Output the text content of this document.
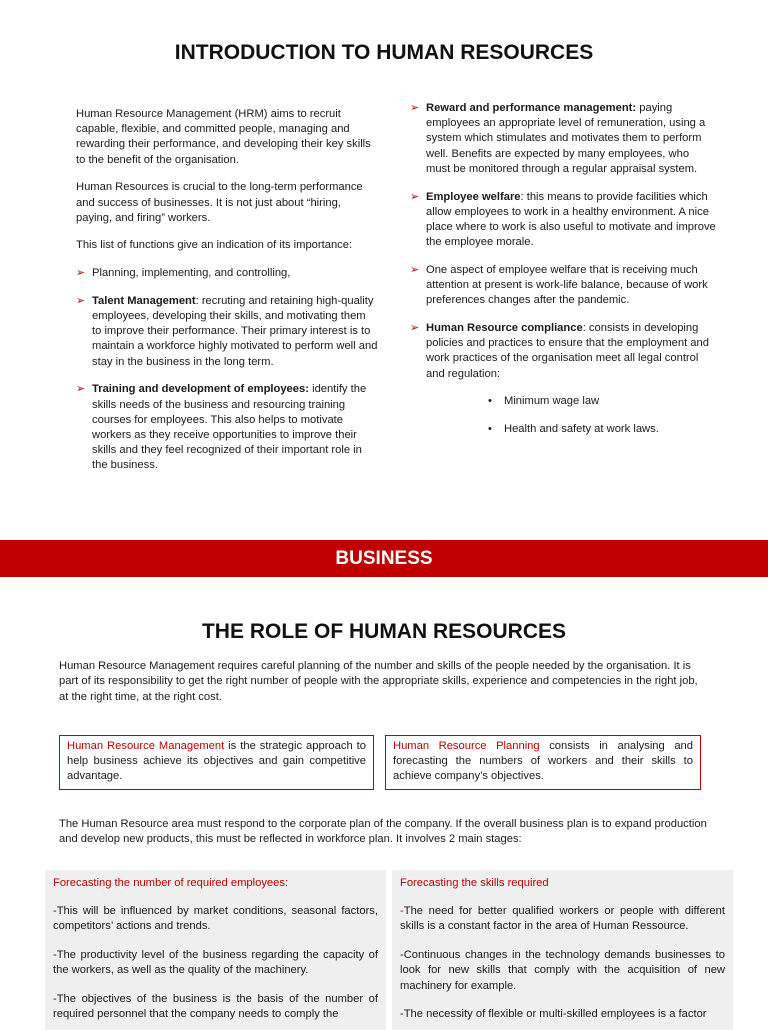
INTRODUCTION TO HUMAN RESOURCES

Human Resource Management (HRM) aims to recruit capable, flexible, and committed people, managing and rewarding their performance, and developing their key skills to the benefit of the organisation.

Human Resources is crucial to the long-term performance and success of businesses. It is not just about “hiring, paying, and firing” workers.

This list of functions give an indication of its importance:

➢ Planning, implementing, and controlling,
➢ Talent Management: recruting and retaining high-quality employees, developing their skills, and motivating them to improve their performance. Their primary interest is to maintain a workforce highly motivated to perform well and stay in the business in the long term.
➢ Training and development of employees: identify the skills needs of the business and resourcing training courses for employees. This also helps to motivate workers as they receive opportunities to improve their skills and they feel recognized of their important role in the business.
➢ Reward and performance management: paying employees an appropriate level of remuneration, using a system which stimulates and motivates them to perform well. Benefits are expected by many employees, who must be monitored through a regular appraisal system.
➢ Employee welfare: this means to provide facilities which allow employees to work in a healthy environment. A nice place where to work is also useful to motivate and improve the employee morale.
➢ One aspect of employee welfare that is receiving much attention at present is work-life balance, because of work preferences changes after the pandemic.
➢ Human Resource compliance: consists in developing policies and practices to ensure that the employment and work practices of the organisation meet all legal control and regulation:
• Minimum wage law
• Health and safety at work laws.
BUSINESS
THE ROLE OF HUMAN RESOURCES

Human Resource Management requires careful planning of the number and skills of the people needed by the organisation. It is part of its responsibility to get the right number of people with the appropriate skills, experience and competencies in the right job, at the right time, at the right cost.

Human Resource Management is the strategic approach to help business achieve its objectives and gain competitive advantage.
Human Resource Planning consists in analysing and forecasting the numbers of workers and their skills to achieve company’s objectives.

The Human Resource area must respond to the corporate plan of the company. If the overall business plan is to expand production and develop new products, this must be reflected in workforce plan. It involves 2 main stages:

Forecasting the number of required employees:

-This will be influenced by market conditions, seasonal factors, competitors’ actions and trends.

-The productivity level of the business regarding the capacity of the workers, as well as the quality of the machinery.

-The objectives of the business is the basis of the number of required personnel that the company needs to comply the

Forecasting the skills required

-The need for better qualified workers or people with different skills is a constant factor in the area of Human Ressource.

-Continuous changes in the technology demands businesses to look for new skills that comply with the acquisition of new machinery for example.

-The necessity of flexible or multi-skilled employees is a factor
